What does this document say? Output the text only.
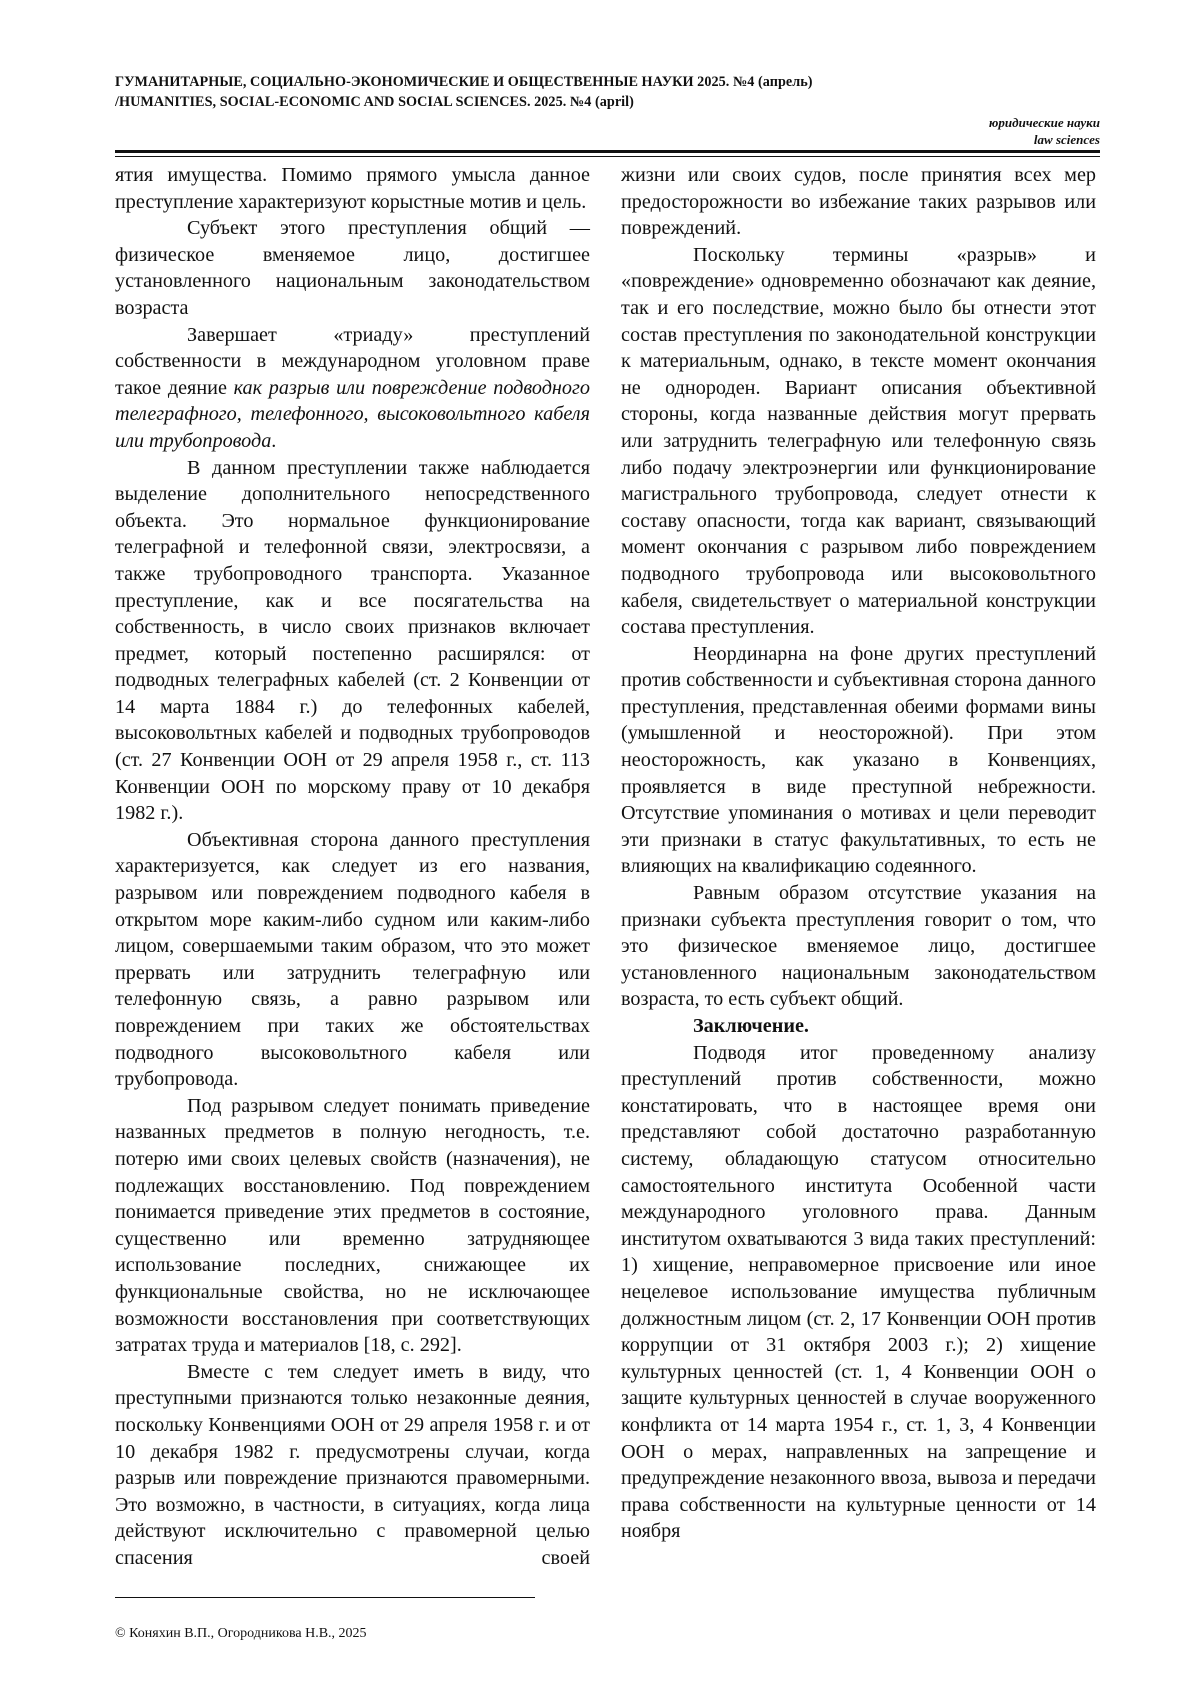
ГУМАНИТАРНЫЕ, СОЦИАЛЬНО-ЭКОНОМИЧЕСКИЕ И ОБЩЕСТВЕННЫЕ НАУКИ 2025. №4 (апрель)
/HUMANITIES, SOCIAL-ECONOMIC AND SOCIAL SCIENCES. 2025. №4 (april)
юридические науки
law sciences

ятия имущества. Помимо прямого умысла данное преступление характеризуют корыстные мотив и цель.

Субъект этого преступления общий — физическое вменяемое лицо, достигшее установленного национальным законодательством возраста

Завершает «триаду» преступлений собственности в международном уголовном праве такое деяние как разрыв или повреждение подводного телеграфного, телефонного, высоковольтного кабеля или трубопровода.

В данном преступлении также наблюдается выделение дополнительного непосредственного объекта. Это нормальное функционирование телеграфной и телефонной связи, электросвязи, а также трубопроводного транспорта. Указанное преступление, как и все посягательства на собственность, в число своих признаков включает предмет, который постепенно расширялся: от подводных телеграфных кабелей (ст. 2 Конвенции от 14 марта 1884 г.) до телефонных кабелей, высоковольтных кабелей и подводных трубопроводов (ст. 27 Конвенции ООН от 29 апреля 1958 г., ст. 113 Конвенции ООН по морскому праву от 10 декабря 1982 г.).

Объективная сторона данного преступления характеризуется, как следует из его названия, разрывом или повреждением подводного кабеля в открытом море каким-либо судном или каким-либо лицом, совершаемыми таким образом, что это может прервать или затруднить телеграфную или телефонную связь, а равно разрывом или повреждением при таких же обстоятельствах подводного высоковольтного кабеля или трубопровода.

Под разрывом следует понимать приведение названных предметов в полную негодность, т.е. потерю ими своих целевых свойств (назначения), не подлежащих восстановлению. Под повреждением понимается приведение этих предметов в состояние, существенно или временно затрудняющее использование последних, снижающее их функциональные свойства, но не исключающее возможности восстановления при соответствующих затратах труда и материалов [18, с. 292].

Вместе с тем следует иметь в виду, что преступными признаются только незаконные деяния, поскольку Конвенциями ООН от 29 апреля 1958 г. и от 10 декабря 1982 г. предусмотрены случаи, когда разрыв или повреждение признаются правомерными. Это возможно, в частности, в ситуациях, когда лица действуют исключительно с правомерной целью спасения своей

жизни или своих судов, после принятия всех мер предосторожности во избежание таких разрывов или повреждений.

Поскольку термины «разрыв» и «повреждение» одновременно обозначают как деяние, так и его последствие, можно было бы отнести этот состав преступления по законодательной конструкции к материальным, однако, в тексте момент окончания не однороден. Вариант описания объективной стороны, когда названные действия могут прервать или затруднить телеграфную или телефонную связь либо подачу электроэнергии или функционирование магистрального трубопровода, следует отнести к составу опасности, тогда как вариант, связывающий момент окончания с разрывом либо повреждением подводного трубопровода или высоковольтного кабеля, свидетельствует о материальной конструкции состава преступления.

Неординарна на фоне других преступлений против собственности и субъективная сторона данного преступления, представленная обеими формами вины (умышленной и неосторожной). При этом неосторожность, как указано в Конвенциях, проявляется в виде преступной небрежности. Отсутствие упоминания о мотивах и цели переводит эти признаки в статус факультативных, то есть не влияющих на квалификацию содеянного.

Равным образом отсутствие указания на признаки субъекта преступления говорит о том, что это физическое вменяемое лицо, достигшее установленного национальным законодательством возраста, то есть субъект общий.

Заключение.

Подводя итог проведенному анализу преступлений против собственности, можно констатировать, что в настоящее время они представляют собой достаточно разработанную систему, обладающую статусом относительно самостоятельного института Особенной части международного уголовного права. Данным институтом охватываются 3 вида таких преступлений: 1) хищение, неправомерное присвоение или иное нецелевое использование имущества публичным должностным лицом (ст. 2, 17 Конвенции ООН против коррупции от 31 октября 2003 г.); 2) хищение культурных ценностей (ст. 1, 4 Конвенции ООН о защите культурных ценностей в случае вооруженного конфликта от 14 марта 1954 г., ст. 1, 3, 4 Конвенции ООН о мерах, направленных на запрещение и предупреждение незаконного ввоза, вывоза и передачи права собственности на культурные ценности от 14 ноября

© Коняхин В.П., Огородникова Н.В., 2025
